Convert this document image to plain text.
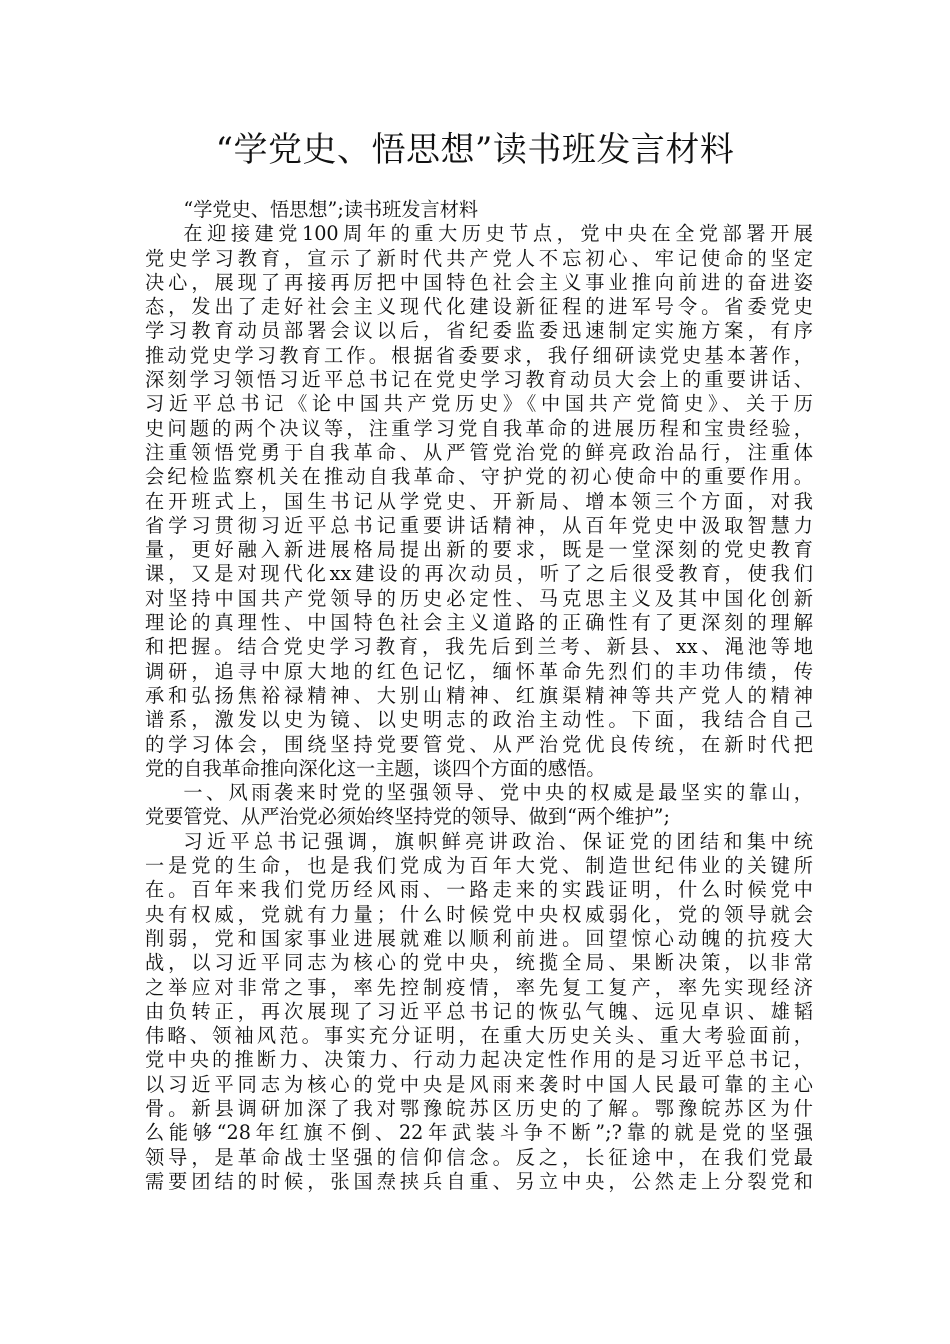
“学党史、悟思想”读书班发言材料
“学党史、悟思想”;读书班发言材料
在迎接建党100周年的重大历史节点，党中央在全党部署开展
党史学习教育，宣示了新时代共产党人不忘初心、牢记使命的坚定
决心，展现了再接再厉把中国特色社会主义事业推向前进的奋进姿
态，发出了走好社会主义现代化建设新征程的进军号令。省委党史
学习教育动员部署会议以后，省纪委监委迅速制定实施方案，有序
推动党史学习教育工作。根据省委要求，我仔细研读党史基本著作，
深刻学习领悟习近平总书记在党史学习教育动员大会上的重要讲话、
习近平总书记《论中国共产党历史》《中国共产党简史》、关于历
史问题的两个决议等，注重学习党自我革命的进展历程和宝贵经验，
注重领悟党勇于自我革命、从严管党治党的鲜亮政治品行，注重体
会纪检监察机关在推动自我革命、守护党的初心使命中的重要作用。
在开班式上，国生书记从学党史、开新局、增本领三个方面，对我
省学习贯彻习近平总书记重要讲话精神，从百年党史中汲取智慧力
量，更好融入新进展格局提出新的要求，既是一堂深刻的党史教育
课，又是对现代化xx建设的再次动员，听了之后很受教育，使我们
对坚持中国共产党领导的历史必定性、马克思主义及其中国化创新
理论的真理性、中国特色社会主义道路的正确性有了更深刻的理解
和把握。结合党史学习教育，我先后到兰考、新县、xx、渑池等地
调研，追寻中原大地的红色记忆，缅怀革命先烈们的丰功伟绩，传
承和弘扬焦裕禄精神、大别山精神、红旗渠精神等共产党人的精神
谱系，激发以史为镜、以史明志的政治主动性。下面，我结合自己
的学习体会，围绕坚持党要管党、从严治党优良传统，在新时代把
党的自我革命推向深化这一主题，谈四个方面的感悟。
一、风雨袭来时党的坚强领导、党中央的权威是最坚实的靠山，
党要管党、从严治党必须始终坚持党的领导、做到“两个维护”;
习近平总书记强调，旗帜鲜亮讲政治、保证党的团结和集中统
一是党的生命，也是我们党成为百年大党、制造世纪伟业的关键所
在。百年来我们党历经风雨、一路走来的实践证明，什么时候党中
央有权威，党就有力量；什么时候党中央权威弱化，党的领导就会
削弱，党和国家事业进展就难以顺利前进。回望惊心动魄的抗疫大
战，以习近平同志为核心的党中央，统揽全局、果断决策，以非常
之举应对非常之事，率先控制疫情，率先复工复产，率先实现经济
由负转正，再次展现了习近平总书记的恢弘气魄、远见卓识、雄韬
伟略、领袖风范。事实充分证明，在重大历史关头、重大考验面前，
党中央的推断力、决策力、行动力起决定性作用的是习近平总书记，
以习近平同志为核心的党中央是风雨来袭时中国人民最可靠的主心
骨。新县调研加深了我对鄂豫皖苏区历史的了解。鄂豫皖苏区为什
么能够“28年红旗不倒、22年武装斗争不断”;?靠的就是党的坚强
领导，是革命战士坚强的信仰信念。反之，长征途中，在我们党最
需要团结的时候，张国焘挟兵自重、另立中央，公然走上分裂党和
